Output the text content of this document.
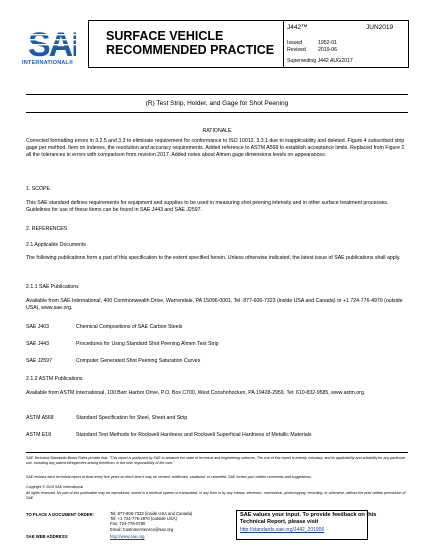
INTERNATIONAL®
SURFACE VEHICLE
RECOMMENDED PRACTICE
J442™	JUN2019
Issued	1952-01
Revised 2019-06
Superseding J442 AUG2017
(R) Test Strip, Holder, and Gage for Shot Peening
RATIONALE
Corrected formatting errors in 3.2.5 and 3.3 to eliminate requirement for conformance to ISO 10012. 3.3.1 due to inapplicability and deleted. Figure 4 subscribed strip gage per method. Item on indexes, the resolution and accuracy requirements. Added reference to ASTM A568 to establish acceptance limits. Replaced from Figure 2 all the tolerances in errors with comparison from revision 2017. Added notes about Almen gage dimensions levels on appearances.
1. SCOPE
This SAE standard defines requirements for equipment and supplies to be used in measuring shot peening intensity and in other surface treatment processes. Guidelines for use of these items can be found in SAE J443 and SAE J2597.
2. REFERENCES
2.1 Applicable Documents
The following publications form a part of this specification to the extent specified herein. Unless otherwise indicated, the latest issue of SAE publications shall apply.
2.1.1 SAE Publications
Available from SAE International, 400 Commonwealth Drive, Warrendale, PA 15096-0001, Tel: 877-606-7323 (inside USA and Canada) or +1 724-776-4970 (outside USA), www.sae.org.
SAE J403	Chemical Compositions of SAE Carbon Steels
SAE J443	Procedures for Using Standard Shot Peening Almen Test Strip
SAE J2597	Computer Generated Shot Peening Saturation Curves
2.1.2 ASTM Publications
Available from ASTM International, 100 Barr Harbor Drive, P.O. Box C700, West Conshohocken, PA 19428-2959, Tel: 610-832-9585, www.astm.org.
ASTM A568	Standard Specification for Steel, Sheet and Strip
ASTM E18	Standard Test Methods for Rockwell Hardness and Rockwell Superficial Hardness of Metallic Materials
SAE Technical Standards Board Rules provide that: "This report is published by SAE to advance the state of technical and engineering sciences. The use of this report is entirely voluntary, and its applicability and suitability for any particular use, including any patent infringement arising therefrom, is the sole responsibility of the user."
SAE reviews each technical report at least every five years at which time it may be revised, reaffirmed, stabilized, or cancelled. SAE invites your written comments and suggestions.
Copyright © 2019 SAE International
All rights reserved. No part of this publication may be reproduced, stored in a retrieval system or transmitted, in any form or by any means, electronic, mechanical, photocopying, recording, or otherwise, without the prior written permission of SAE.
TO PLACE A DOCUMENT ORDER:	Tel: 877-606-7323 (inside USA and Canada)
Tel: +1 724-776-4970 (outside USA)
Fax: 724-776-0790
Email: CustomerService@sae.org
SAE WEB ADDRESS:	http://www.sae.org
SAE values your input. To provide feedback on this
Technical Report, please visit
http://standards.sae.org/J442_201906
